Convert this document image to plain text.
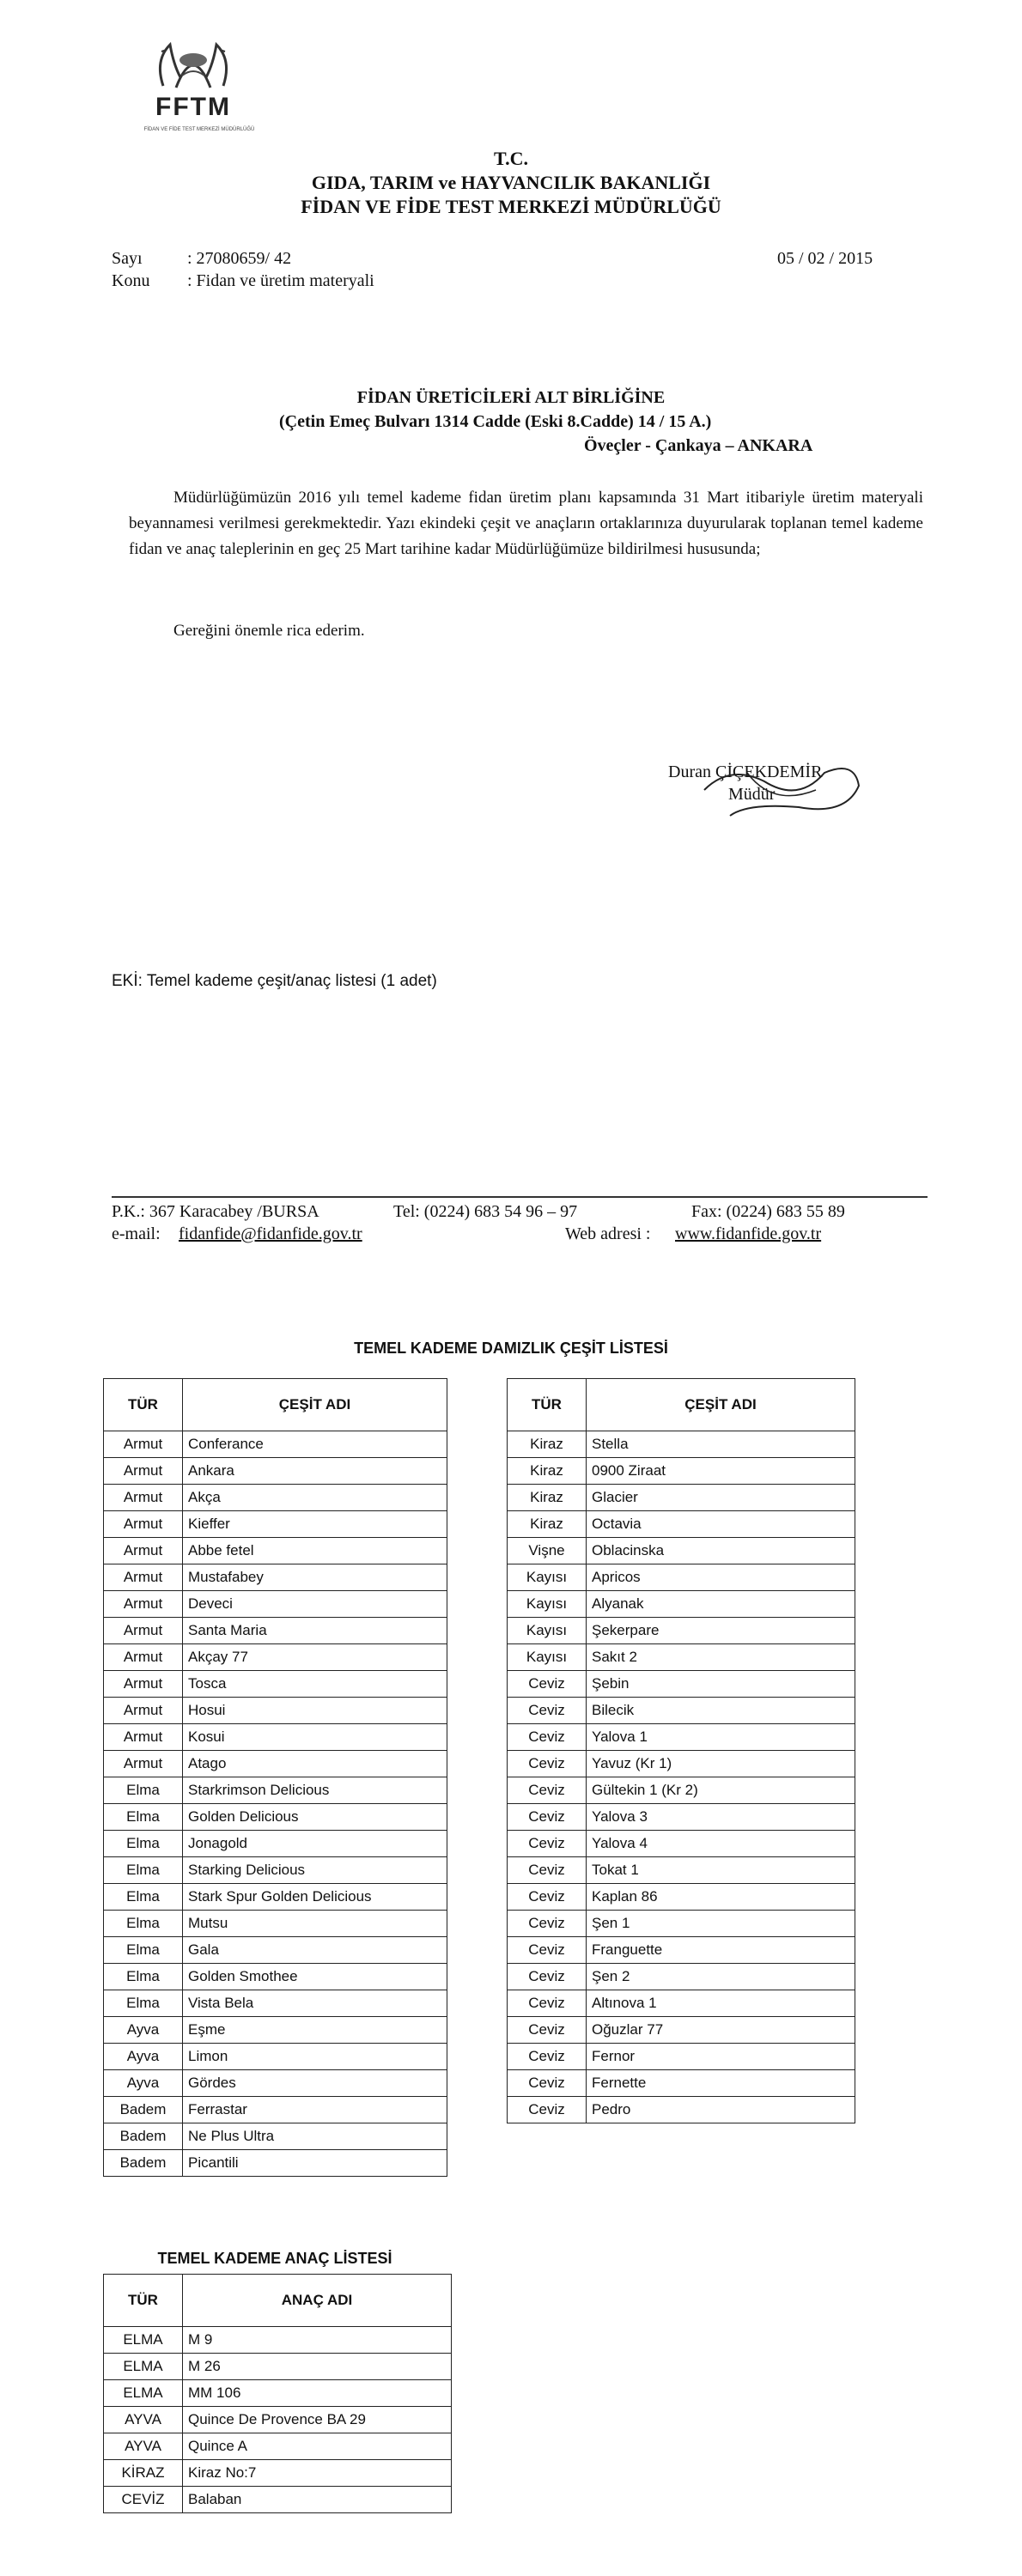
FFTM
FİDAN VE FİDE TEST MERKEZİ MÜDÜRLÜĞÜ
T.C.
GIDA, TARIM ve HAYVANCILIK BAKANLIĞI
FİDAN VE FİDE TEST MERKEZİ MÜDÜRLÜĞÜ
Sayı	: 27080659/ 42	05 / 02 / 2015
Konu : Fidan ve üretim materyali
FİDAN ÜRETİCİLERİ ALT BİRLİĞİNE
(Çetin Emeç Bulvarı 1314 Cadde (Eski 8.Cadde) 14 / 15 A.)
Öveçler - Çankaya – ANKARA
Müdürlüğümüzün 2016 yılı temel kademe fidan üretim planı kapsamında 31 Mart itibariyle üretim materyali beyannamesi verilmesi gerekmektedir. Yazı ekindeki çeşit ve anaçların ortaklarınıza duyurularak toplanan temel kademe fidan ve anaç taleplerinin en geç 25 Mart tarihine kadar Müdürlüğümüze bildirilmesi hususunda;
Gereğini önemle rica ederim.
Duran ÇİÇEKDEMİR
Müdür
EKİ: Temel kademe çeşit/anaç listesi (1 adet)
P.K.: 367 Karacabey /BURSA	Tel: (0224) 683 54 96 – 97	Fax: (0224) 683 55 89
e-mail: fidanfide@fidanfide.gov.tr	Web adresi : www.fidanfide.gov.tr
TEMEL KADEME DAMIZLIK ÇEŞİT LİSTESİ
TÜR	ÇEŞİT ADI
Armut	Conferance
Armut	Ankara
Armut	Akça
Armut	Kieffer
Armut	Abbe fetel
Armut	Mustafabey
Armut	Deveci
Armut	Santa Maria
Armut	Akçay 77
Armut	Tosca
Armut	Hosui
Armut	Kosui
Armut	Atago
Elma	Starkrimson Delicious
Elma	Golden Delicious
Elma	Jonagold
Elma	Starking Delicious
Elma	Stark Spur Golden Delicious
Elma	Mutsu
Elma	Gala
Elma	Golden Smothee
Elma	Vista Bela
Ayva	Eşme
Ayva	Limon
Ayva	Gördes
Badem	Ferrastar
Badem	Ne Plus Ultra
Badem	Picantili
TÜR	ÇEŞİT ADI
Kiraz	Stella
Kiraz	0900 Ziraat
Kiraz	Glacier
Kiraz	Octavia
Vişne	Oblacinska
Kayısı	Apricos
Kayısı	Alyanak
Kayısı	Şekerpare
Kayısı	Sakıt 2
Ceviz	Şebin
Ceviz	Bilecik
Ceviz	Yalova 1
Ceviz	Yavuz (Kr 1)
Ceviz	Gültekin 1 (Kr 2)
Ceviz	Yalova 3
Ceviz	Yalova 4
Ceviz	Tokat 1
Ceviz	Kaplan 86
Ceviz	Şen 1
Ceviz	Franguette
Ceviz	Şen 2
Ceviz	Altınova 1
Ceviz	Oğuzlar 77
Ceviz	Fernor
Ceviz	Fernette
Ceviz	Pedro
TEMEL KADEME ANAÇ LİSTESİ
TÜR	ANAÇ ADI
ELMA	M 9
ELMA	M 26
ELMA	MM 106
AYVA	Quince De Provence BA 29
AYVA	Quince A
KİRAZ	Kiraz No:7
CEVİZ	Balaban
